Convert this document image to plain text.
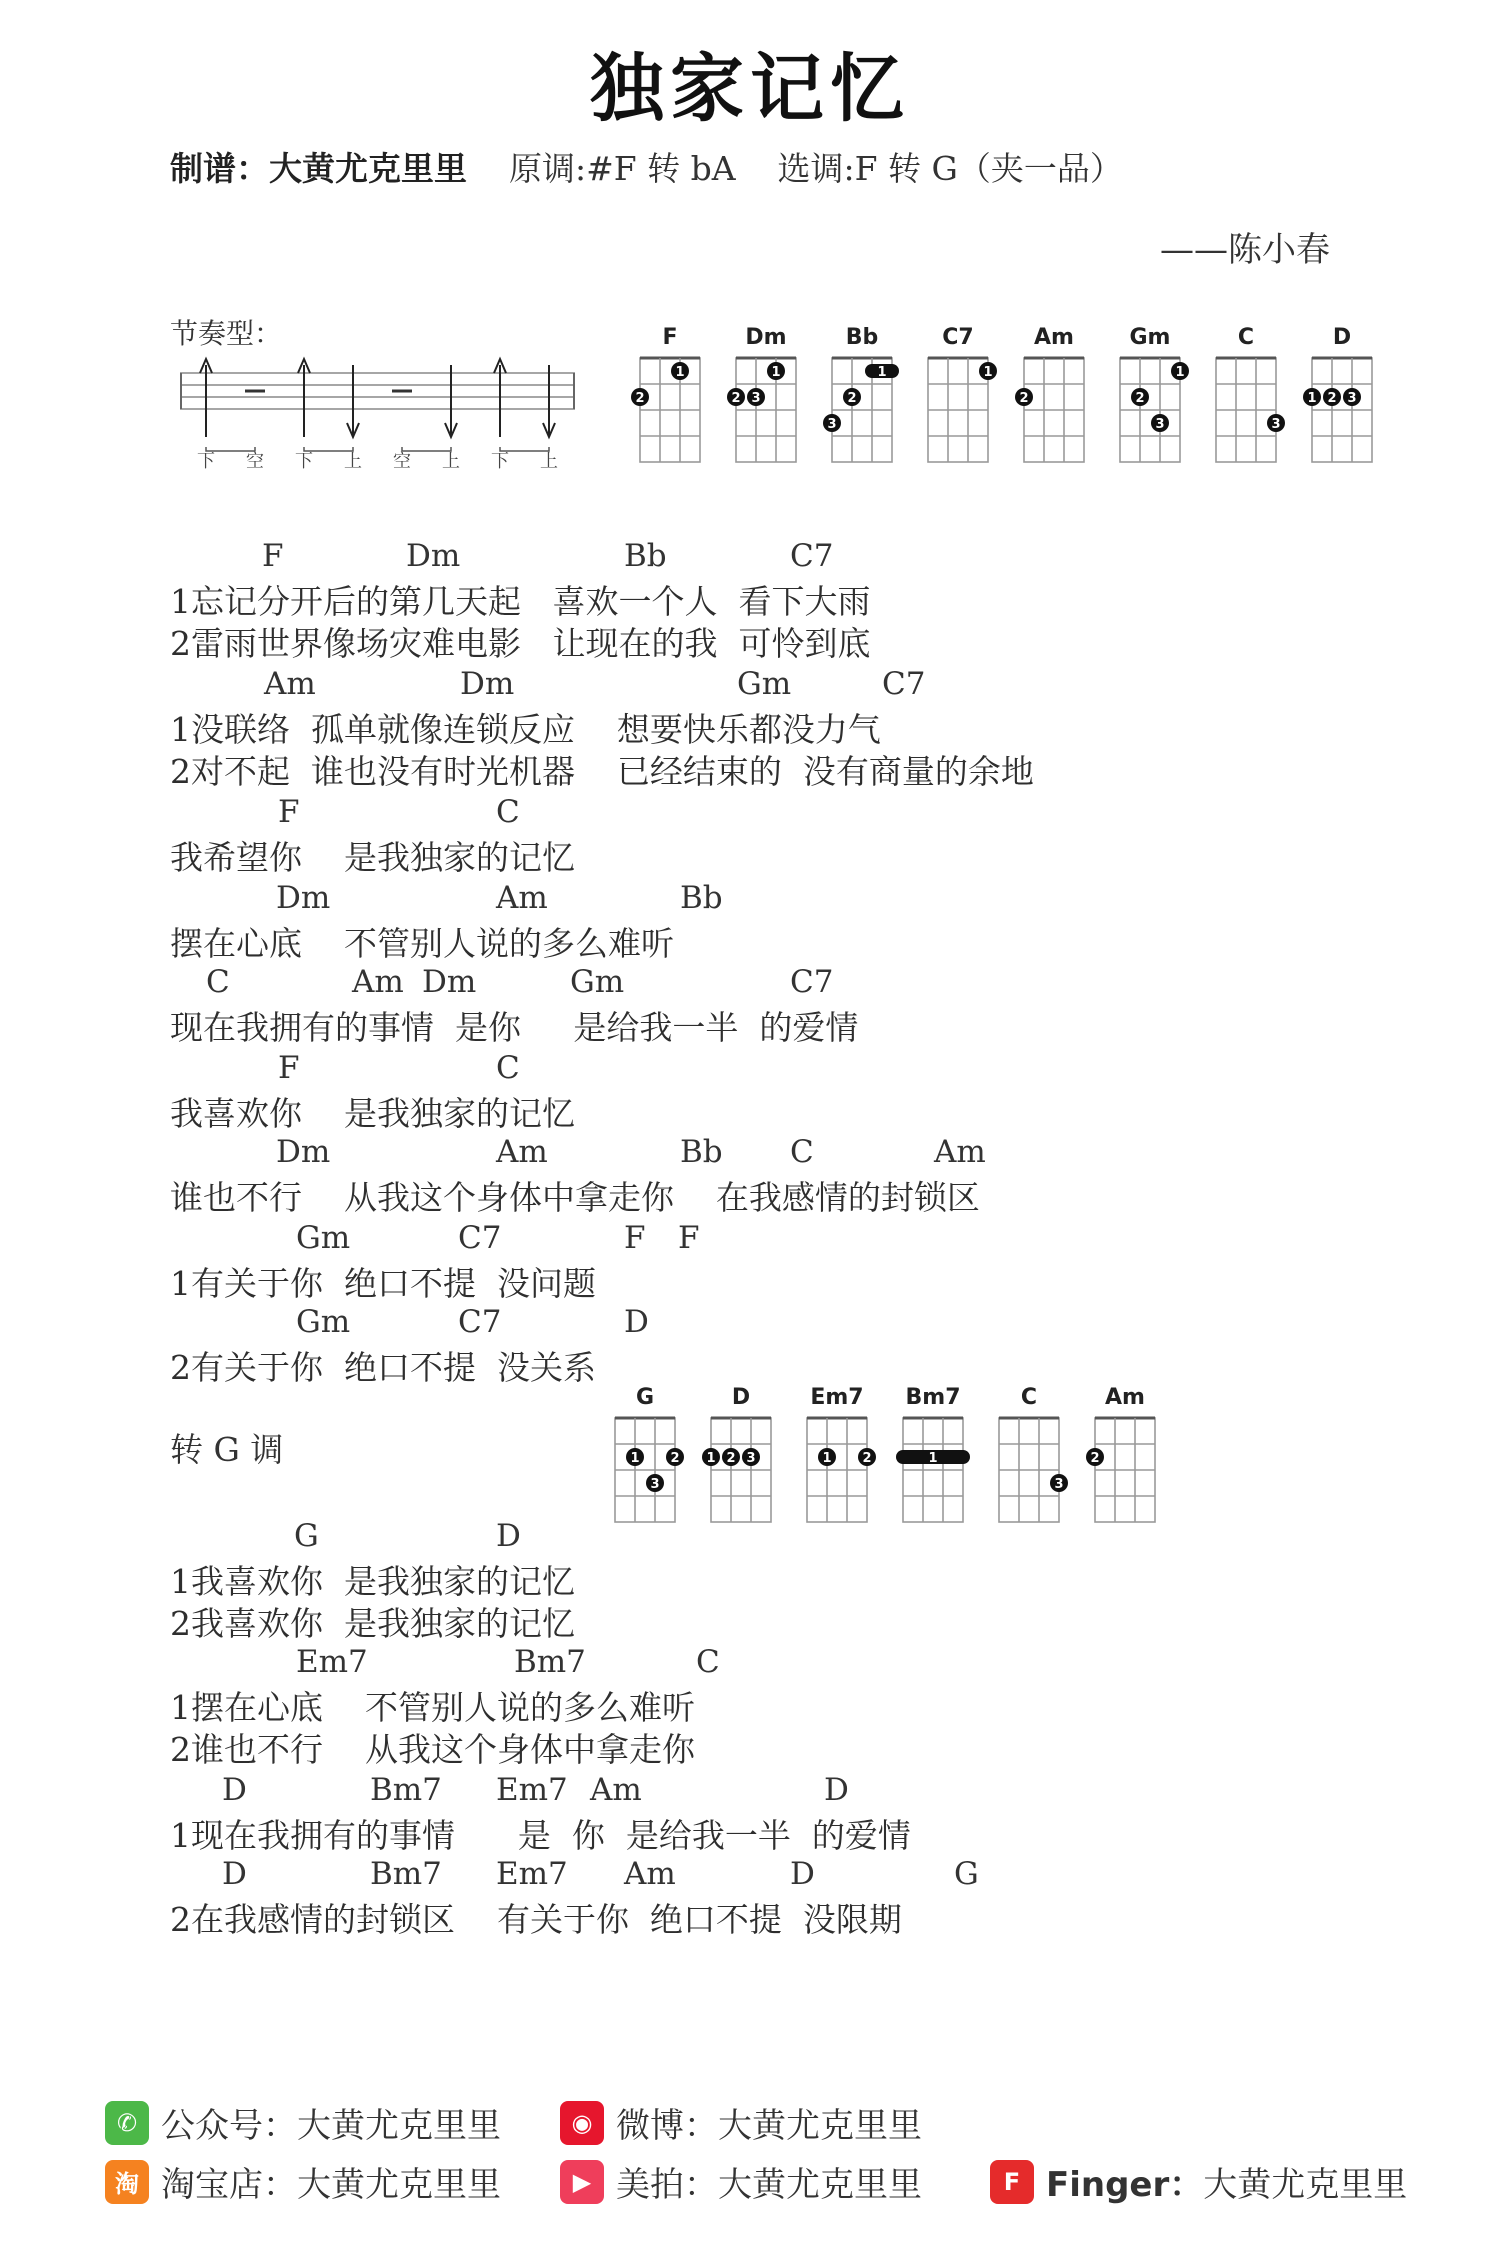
独家记忆
制谱：大黄尤克里里 原调:#F 转 bA 选调:F 转 G（夹一品）
——陈小春
节奏型：
下 空 下 上 空 上 下 上
F
2
1
Dm
2 3
1
Bb
1
2
3
C7
1
Am
2
Gm
2
1
3
C
3
D
1 2 3
转 G 调
G
1 2
3
D
1 2 3
Em7
1 2
Bm7
1
C
3
Am
2
F	Dm	Bb	C7
1忘记分开后的第几天起   喜欢一个人  看下大雨
2雷雨世界像场灾难电影   让现在的我  可怜到底
Am	Dm	Gm	C7
1没联络  孤单就像连锁反应    想要快乐都没力气
2对不起  谁也没有时光机器    已经结束的  没有商量的余地
F	C
我希望你    是我独家的记忆
Dm	Am	Bb
摆在心底    不管别人说的多么难听
C	Am Dm	Gm	C7
现在我拥有的事情  是你     是给我一半  的爱情
F	C
我喜欢你    是我独家的记忆
Dm	Am	Bb C	Am
谁也不行    从我这个身体中拿走你    在我感情的封锁区
Gm	C7	F F
1有关于你  绝口不提  没问题
Gm	C7	D
2有关于你  绝口不提  没关系
G	D
1我喜欢你  是我独家的记忆
2我喜欢你  是我独家的记忆
Em7	Bm7	C
1摆在心底    不管别人说的多么难听
2谁也不行    从我这个身体中拿走你
D	Bm7 Em7 Am	D
1现在我拥有的事情      是  你  是给我一半  的爱情
D	Bm7 Em7 Am	D	G
2在我感情的封锁区    有关于你  绝口不提  没限期
✆ 公众号： 大黄尤克里里	◉ 微博： 大黄尤克里里
淘 淘宝店： 大黄尤克里里	▶ 美拍： 大黄尤克里里	F Finger： 大黄尤克里里
